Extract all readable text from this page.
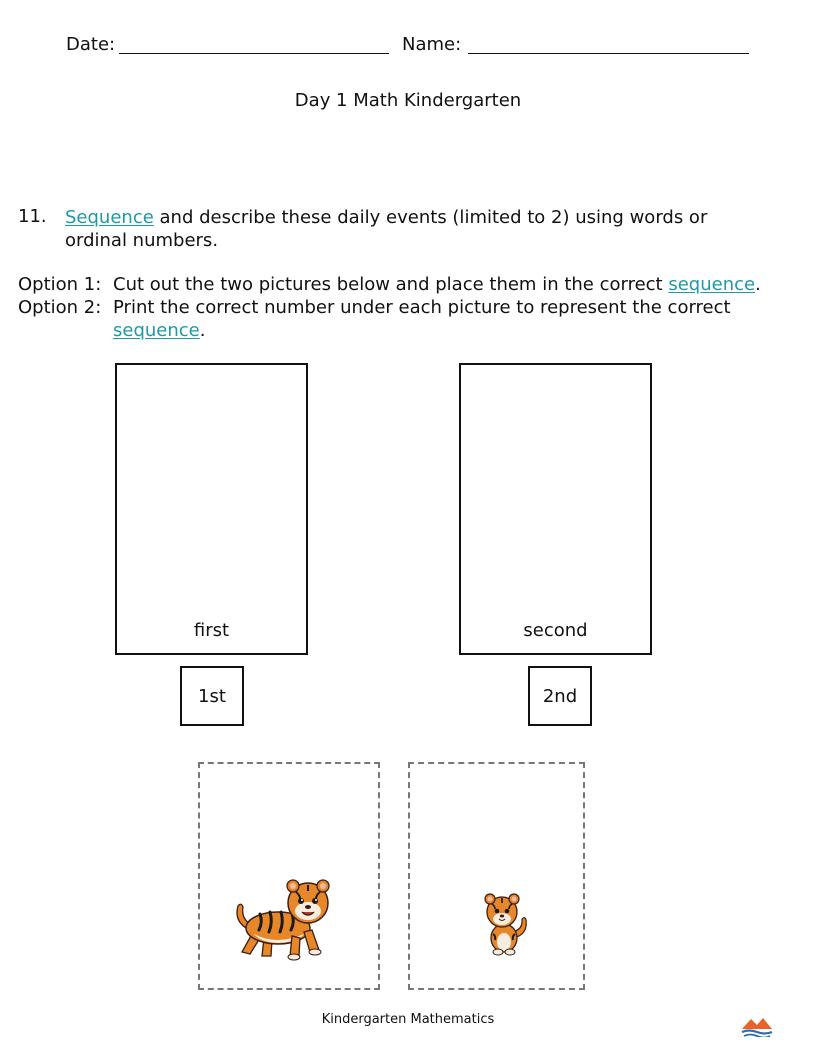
Date:	Name:
Day 1 Math Kindergarten
11. Sequence and describe these daily events (limited to 2) using words or ordinal numbers.
Option 1: Cut out the two pictures below and place them in the correct sequence.
Option 2: Print the correct number under each picture to represent the correct sequence.
first	second
1st	2nd
Kindergarten Mathematics
